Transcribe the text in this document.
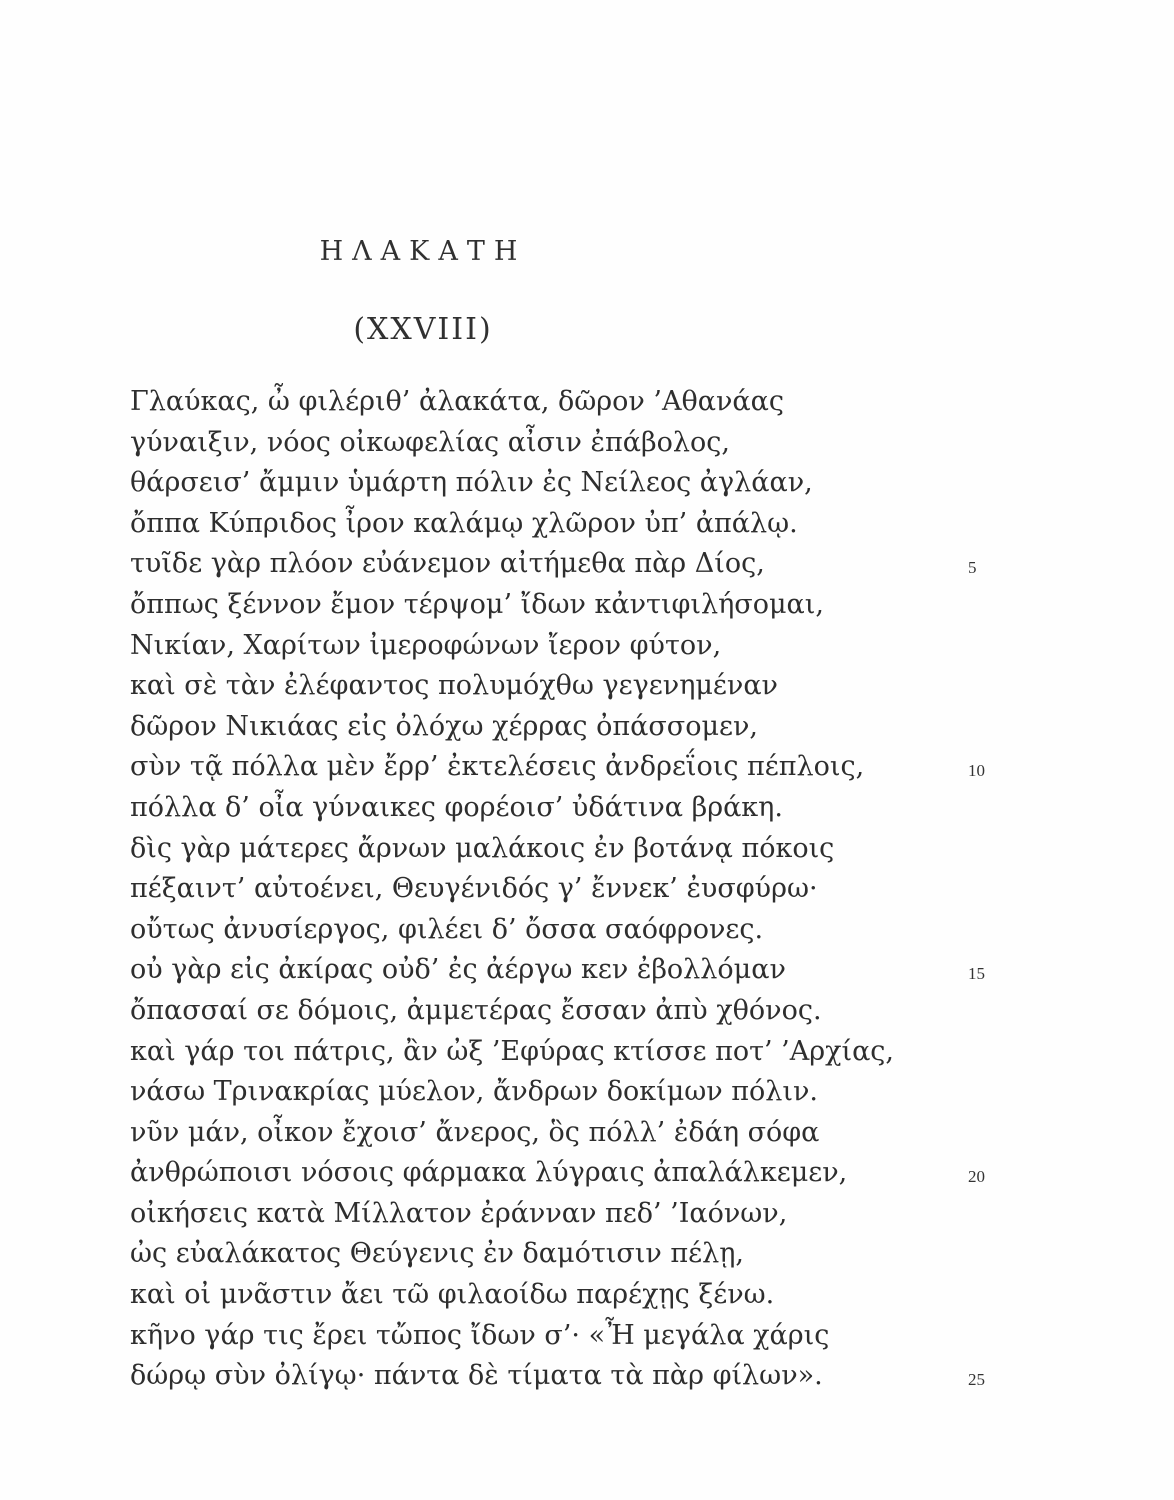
ΗΛΑΚΑΤΗ
(XXVIII)
Γλαύκας, ὦ φιλέριθ’ ἀλακάτα, δῶρον ’Αθανάας
γύναιξιν, νόος οἰκωφελίας αἶσιν ἐπάβολος,
θάρσεισ’ ἄμμιν ὑμάρτη πόλιν ἐς Νείλεος ἀγλάαν,
ὄππα Κύπριδος ἶρον καλάμῳ χλῶρον ὐπ’ ἀπάλῳ.
τυῖδε γὰρ πλόον εὐάνεμον αἰτήμεθα πὰρ Δίος,	5
ὄππως ξέννον ἔμον τέρψομ’ ἴδων κἀντιφιλήσομαι,
Νικίαν, Χαρίτων ἰμεροφώνων ἴερον φύτον,
καὶ σὲ τὰν ἐλέφαντος πολυμόχθω γεγενημέναν
δῶρον Νικιάας εἰς ὀλόχω χέρρας ὀπάσσομεν,
σὺν τᾷ πόλλα μὲν ἔρρ’ ἐκτελέσεις ἀνδρεΐοις πέπλοις,	10
πόλλα δ’ οἶα γύναικες φορέοισ’ ὐδάτινα βράκη.
δὶς γὰρ μάτερες ἄρνων μαλάκοις ἐν βοτάνᾳ πόκοις
πέξαιντ’ αὐτοένει, Θευγένιδός γ’ ἔννεκ’ ἐυσφύρω·
οὔτως ἀνυσίεργος, φιλέει δ’ ὄσσα σαόφρονες.
οὐ γὰρ εἰς ἀκίρας οὐδ’ ἐς ἀέργω κεν ἐβολλόμαν	15
ὄπασσαί σε δόμοις, ἀμμετέρας ἔσσαν ἀπὺ χθόνος.
καὶ γάρ τοι πάτρις, ἂν ὠξ ’Εφύρας κτίσσε ποτ’ ’Αρχίας,
νάσω Τρινακρίας μύελον, ἄνδρων δοκίμων πόλιν.
νῦν μάν, οἶκον ἔχοισ’ ἄνερος, ὃς πόλλ’ ἐδάη σόφα
ἀνθρώποισι νόσοις φάρμακα λύγραις ἀπαλάλκεμεν,	20
οἰκήσεις κατὰ Μίλλατον ἐράνναν πεδ’ ’Ιαόνων,
ὠς εὐαλάκατος Θεύγενις ἐν δαμότισιν πέλῃ,
καὶ οἰ μνᾶστιν ἄει τῶ φιλαοίδω παρέχῃς ξένω.
κῆνο γάρ τις ἔρει τὤπος ἴδων σ’· «Ἦ μεγάλα χάρις
δώρῳ σὺν ὀλίγῳ· πάντα δὲ τίματα τὰ πὰρ φίλων».	25
